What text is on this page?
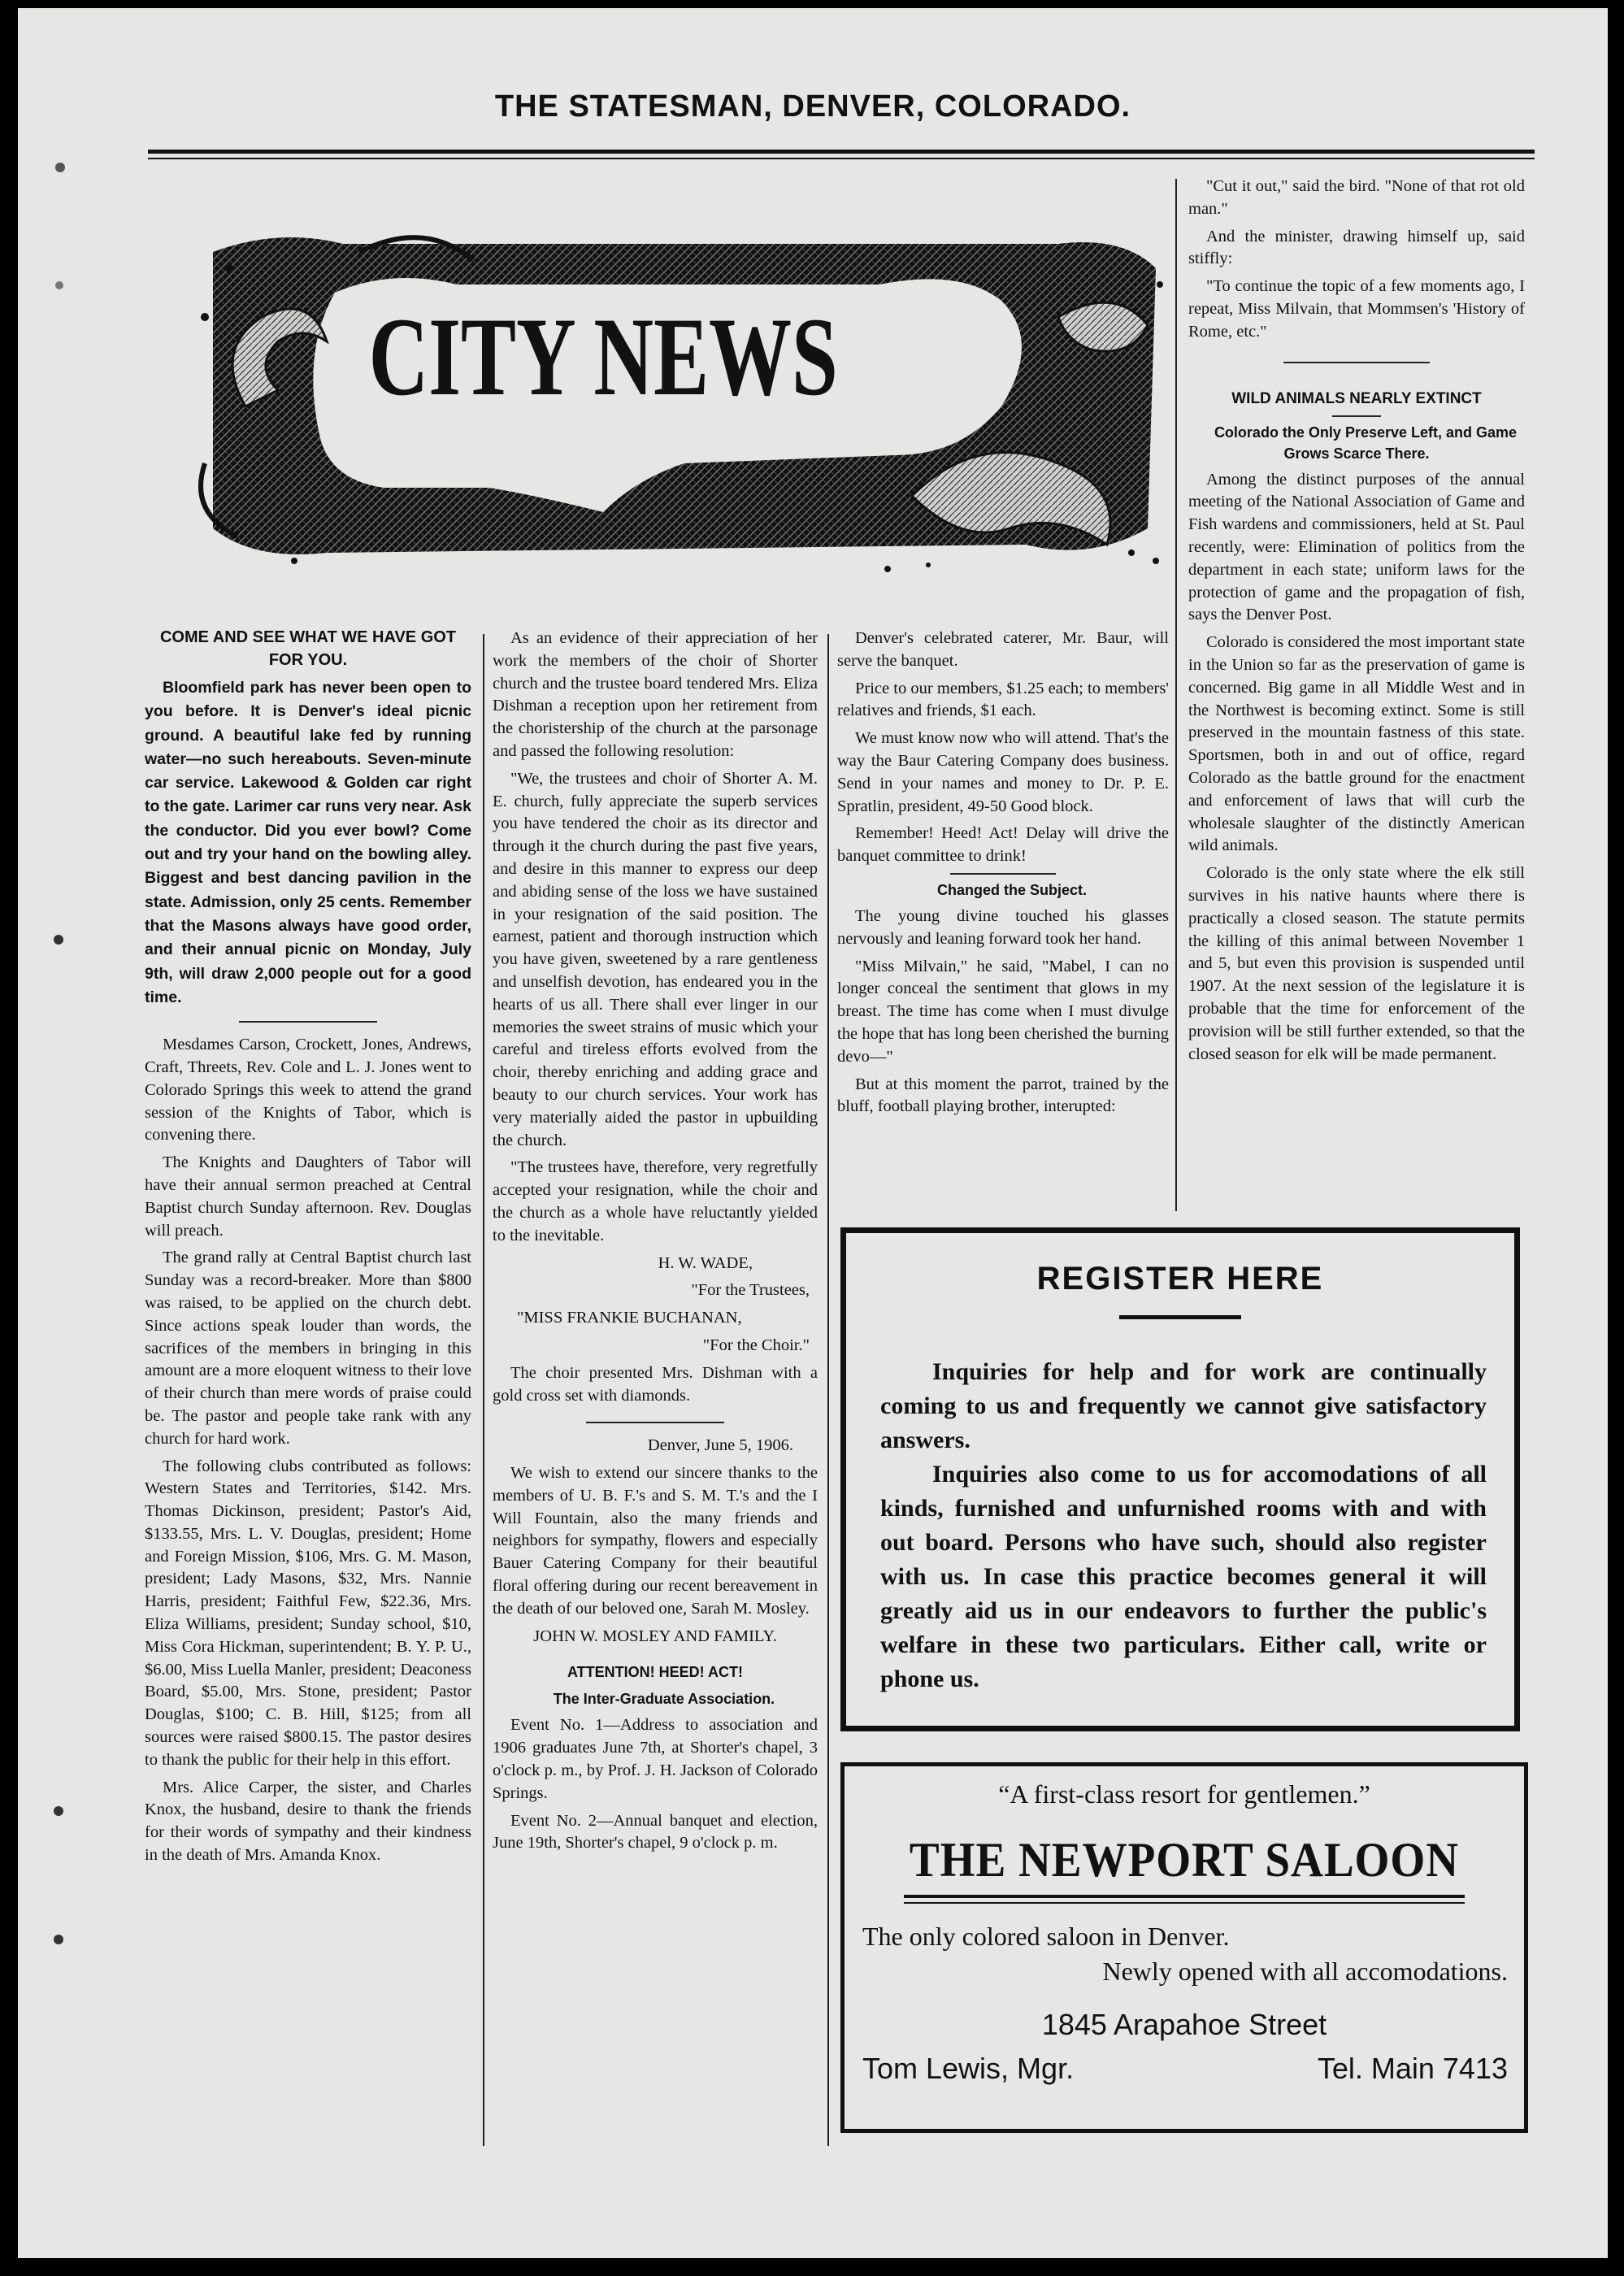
THE STATESMAN, DENVER, COLORADO.
CITY NEWS

COME AND SEE WHAT WE HAVE GOT FOR YOU.

Bloomfield park has never been open to you before. It is Denver's ideal picnic ground. A beautiful lake fed by running water—no such hereabouts. Seven-minute car service. Lakewood & Golden car right to the gate. Larimer car runs very near. Ask the conductor. Did you ever bowl? Come out and try your hand on the bowling alley. Biggest and best dancing pavilion in the state. Admission, only 25 cents. Remember that the Masons always have good order, and their annual picnic on Monday, July 9th, will draw 2,000 people out for a good time.

Mesdames Carson, Crockett, Jones, Andrews, Craft, Threets, Rev. Cole and L. J. Jones went to Colorado Springs this week to attend the grand session of the Knights of Tabor, which is convening there.

The Knights and Daughters of Tabor will have their annual sermon preached at Central Baptist church Sunday afternoon. Rev. Douglas will preach.

The grand rally at Central Baptist church last Sunday was a record-breaker. More than $800 was raised, to be applied on the church debt. Since actions speak louder than words, the sacrifices of the members in bringing in this amount are a more eloquent witness to their love of their church than mere words of praise could be. The pastor and people take rank with any church for hard work.

The following clubs contributed as follows: Western States and Territories, $142. Mrs. Thomas Dickinson, president; Pastor's Aid, $133.55, Mrs. L. V. Douglas, president; Home and Foreign Mission, $106, Mrs. G. M. Mason, president; Lady Masons, $32, Mrs. Nannie Harris, president; Faithful Few, $22.36, Mrs. Eliza Williams, president; Sunday school, $10, Miss Cora Hickman, superintendent; B. Y. P. U., $6.00, Miss Luella Manler, president; Deaconess Board, $5.00, Mrs. Stone, president; Pastor Douglas, $100; C. B. Hill, $125; from all sources were raised $800.15. The pastor desires to thank the public for their help in this effort.

Mrs. Alice Carper, the sister, and Charles Knox, the husband, desire to thank the friends for their words of sympathy and their kindness in the death of Mrs. Amanda Knox.

As an evidence of their appreciation of her work the members of the choir of Shorter church and the trustee board tendered Mrs. Eliza Dishman a reception upon her retirement from the choristership of the church at the parsonage and passed the following resolution:

"We, the trustees and choir of Shorter A. M. E. church, fully appreciate the superb services you have tendered the choir as its director and through it the church during the past five years, and desire in this manner to express our deep and abiding sense of the loss we have sustained in your resignation of the said position. The earnest, patient and thorough instruction which you have given, sweetened by a rare gentleness and unselfish devotion, has endeared you in the hearts of us all. There shall ever linger in our memories the sweet strains of music which your careful and tireless efforts evolved from the choir, thereby enriching and adding grace and beauty to our church services. Your work has very materially aided the pastor in upbuilding the church.

"The trustees have, therefore, very regretfully accepted your resignation, while the choir and the church as a whole have reluctantly yielded to the inevitable.

H. W. WADE,

"For the Trustees,

"MISS FRANKIE BUCHANAN,

"For the Choir."

The choir presented Mrs. Dishman with a gold cross set with diamonds.

Denver, June 5, 1906.

We wish to extend our sincere thanks to the members of U. B. F.'s and S. M. T.'s and the I Will Fountain, also the many friends and neighbors for sympathy, flowers and especially Bauer Catering Company for their beautiful floral offering during our recent bereavement in the death of our beloved one, Sarah M. Mosley.

JOHN W. MOSLEY AND FAMILY.

ATTENTION! HEED! ACT!

The Inter-Graduate Association.

Event No. 1—Address to association and 1906 graduates June 7th, at Shorter's chapel, 3 o'clock p. m., by Prof. J. H. Jackson of Colorado Springs.

Event No. 2—Annual banquet and election, June 19th, Shorter's chapel, 9 o'clock p. m.

Denver's celebrated caterer, Mr. Baur, will serve the banquet.

Price to our members, $1.25 each; to members' relatives and friends, $1 each.

We must know now who will attend. That's the way the Baur Catering Company does business. Send in your names and money to Dr. P. E. Spratlin, president, 49-50 Good block.

Remember! Heed! Act! Delay will drive the banquet committee to drink!

Changed the Subject.

The young divine touched his glasses nervously and leaning forward took her hand.

"Miss Milvain," he said, "Mabel, I can no longer conceal the sentiment that glows in my breast. The time has come when I must divulge the hope that has long been cherished the burning devo—"

But at this moment the parrot, trained by the bluff, football playing brother, interupted:

"Cut it out," said the bird. "None of that rot old man."

And the minister, drawing himself up, said stiffly:

"To continue the topic of a few moments ago, I repeat, Miss Milvain, that Mommsen's 'History of Rome, etc."

WILD ANIMALS NEARLY EXTINCT

Colorado the Only Preserve Left, and Game Grows Scarce There.

Among the distinct purposes of the annual meeting of the National Association of Game and Fish wardens and commissioners, held at St. Paul recently, were: Elimination of politics from the department in each state; uniform laws for the protection of game and the propagation of fish, says the Denver Post.

Colorado is considered the most important state in the Union so far as the preservation of game is concerned. Big game in all Middle West and in the Northwest is becoming extinct. Some is still preserved in the mountain fastness of this state. Sportsmen, both in and out of office, regard Colorado as the battle ground for the enactment and enforcement of laws that will curb the wholesale slaughter of the distinctly American wild animals.

Colorado is the only state where the elk still survives in his native haunts where there is practically a closed season. The statute permits the killing of this animal between November 1 and 5, but even this provision is suspended until 1907. At the next session of the legislature it is probable that the time for enforcement of the provision will be still further extended, so that the closed season for elk will be made permanent.

REGISTER HERE

Inquiries for help and for work are continually coming to us and frequently we cannot give satisfactory answers.

Inquiries also come to us for accomodations of all kinds, furnished and unfurnished rooms with and with out board. Persons who have such, should also register with us. In case this practice becomes general it will greatly aid us in our endeavors to further the public's welfare in these two particulars. Either call, write or phone us.

“A first-class resort for gentlemen.”
THE NEWPORT SALOON
The only colored saloon in Denver.
Newly opened with all accomodations.
1845 Arapahoe Street
Tom Lewis, Mgr.	Tel. Main 7413
